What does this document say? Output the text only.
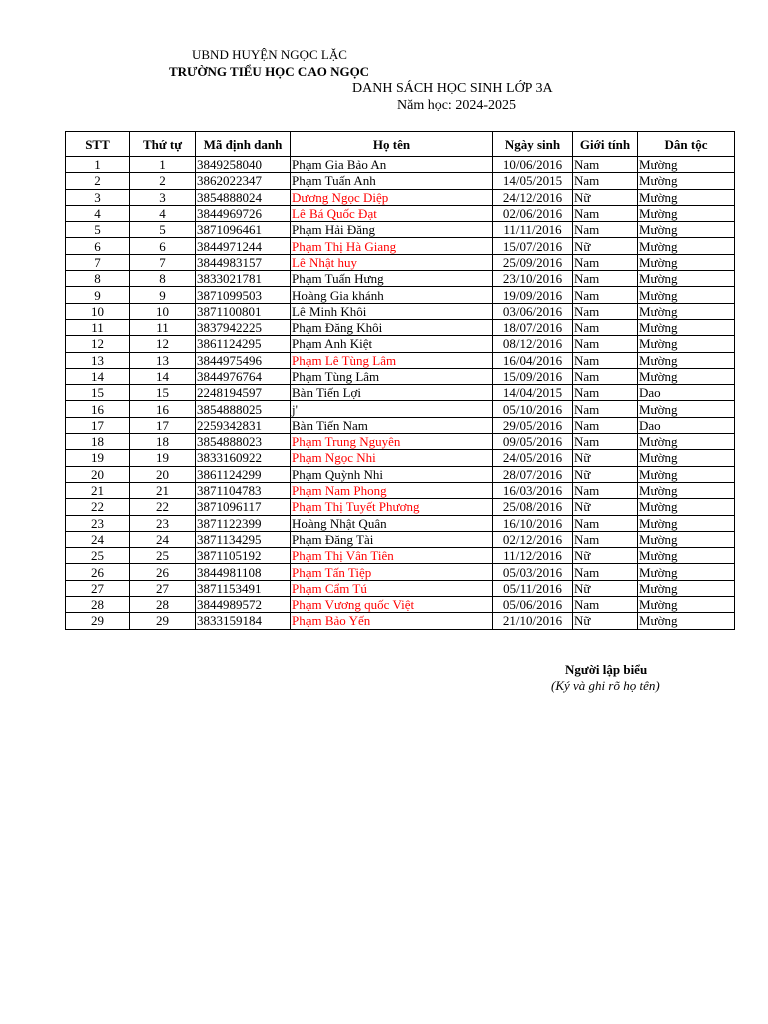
UBND HUYỆN NGỌC LẶC
TRƯỜNG TIỂU HỌC CAO NGỌC
DANH SÁCH HỌC SINH LỚP 3A
Năm học: 2024-2025
STT	Thứ tự	Mã định danh	Họ tên	Ngày sinh	Giới tính	Dân tộc
1	1	3849258040	Phạm Gia Bảo An	10/06/2016	Nam	Mường
2	2	3862022347	Phạm Tuấn Anh	14/05/2015	Nam	Mường
3	3	3854888024	Dương Ngọc Diệp	24/12/2016	Nữ	Mường
4	4	3844969726	Lê Bá Quốc Đạt	02/06/2016	Nam	Mường
5	5	3871096461	Phạm Hải Đăng	11/11/2016	Nam	Mường
6	6	3844971244	Phạm Thị Hà Giang	15/07/2016	Nữ	Mường
7	7	3844983157	Lê Nhật huy	25/09/2016	Nam	Mường
8	8	3833021781	Phạm Tuấn Hưng	23/10/2016	Nam	Mường
9	9	3871099503	Hoàng Gia khánh	19/09/2016	Nam	Mường
10	10	3871100801	Lê Minh Khôi	03/06/2016	Nam	Mường
11	11	3837942225	Phạm Đăng Khôi	18/07/2016	Nam	Mường
12	12	3861124295	Phạm Anh Kiệt	08/12/2016	Nam	Mường
13	13	3844975496	Phạm Lê Tùng Lâm	16/04/2016	Nam	Mường
14	14	3844976764	Phạm Tùng Lâm	15/09/2016	Nam	Mường
15	15	2248194597	Bàn Tiến Lợi	14/04/2015	Nam	Dao
16	16	3854888025	j'	05/10/2016	Nam	Mường
17	17	2259342831	Bàn Tiến Nam	29/05/2016	Nam	Dao
18	18	3854888023	Phạm Trung Nguyên	09/05/2016	Nam	Mường
19	19	3833160922	Phạm Ngọc Nhi	24/05/2016	Nữ	Mường
20	20	3861124299	Phạm Quỳnh Nhi	28/07/2016	Nữ	Mường
21	21	3871104783	Phạm Nam Phong	16/03/2016	Nam	Mường
22	22	3871096117	Phạm Thị Tuyết Phương	25/08/2016	Nữ	Mường
23	23	3871122399	Hoàng Nhật Quân	16/10/2016	Nam	Mường
24	24	3871134295	Phạm Đăng Tài	02/12/2016	Nam	Mường
25	25	3871105192	Phạm Thị Vân Tiên	11/12/2016	Nữ	Mường
26	26	3844981108	Phạm Tấn Tiệp	05/03/2016	Nam	Mường
27	27	3871153491	Phạm Cẩm Tú	05/11/2016	Nữ	Mường
28	28	3844989572	Phạm Vương quốc Việt	05/06/2016	Nam	Mường
29	29	3833159184	Phạm Bảo Yến	21/10/2016	Nữ	Mường
Người lập biểu
(Ký và ghi rõ họ tên)
